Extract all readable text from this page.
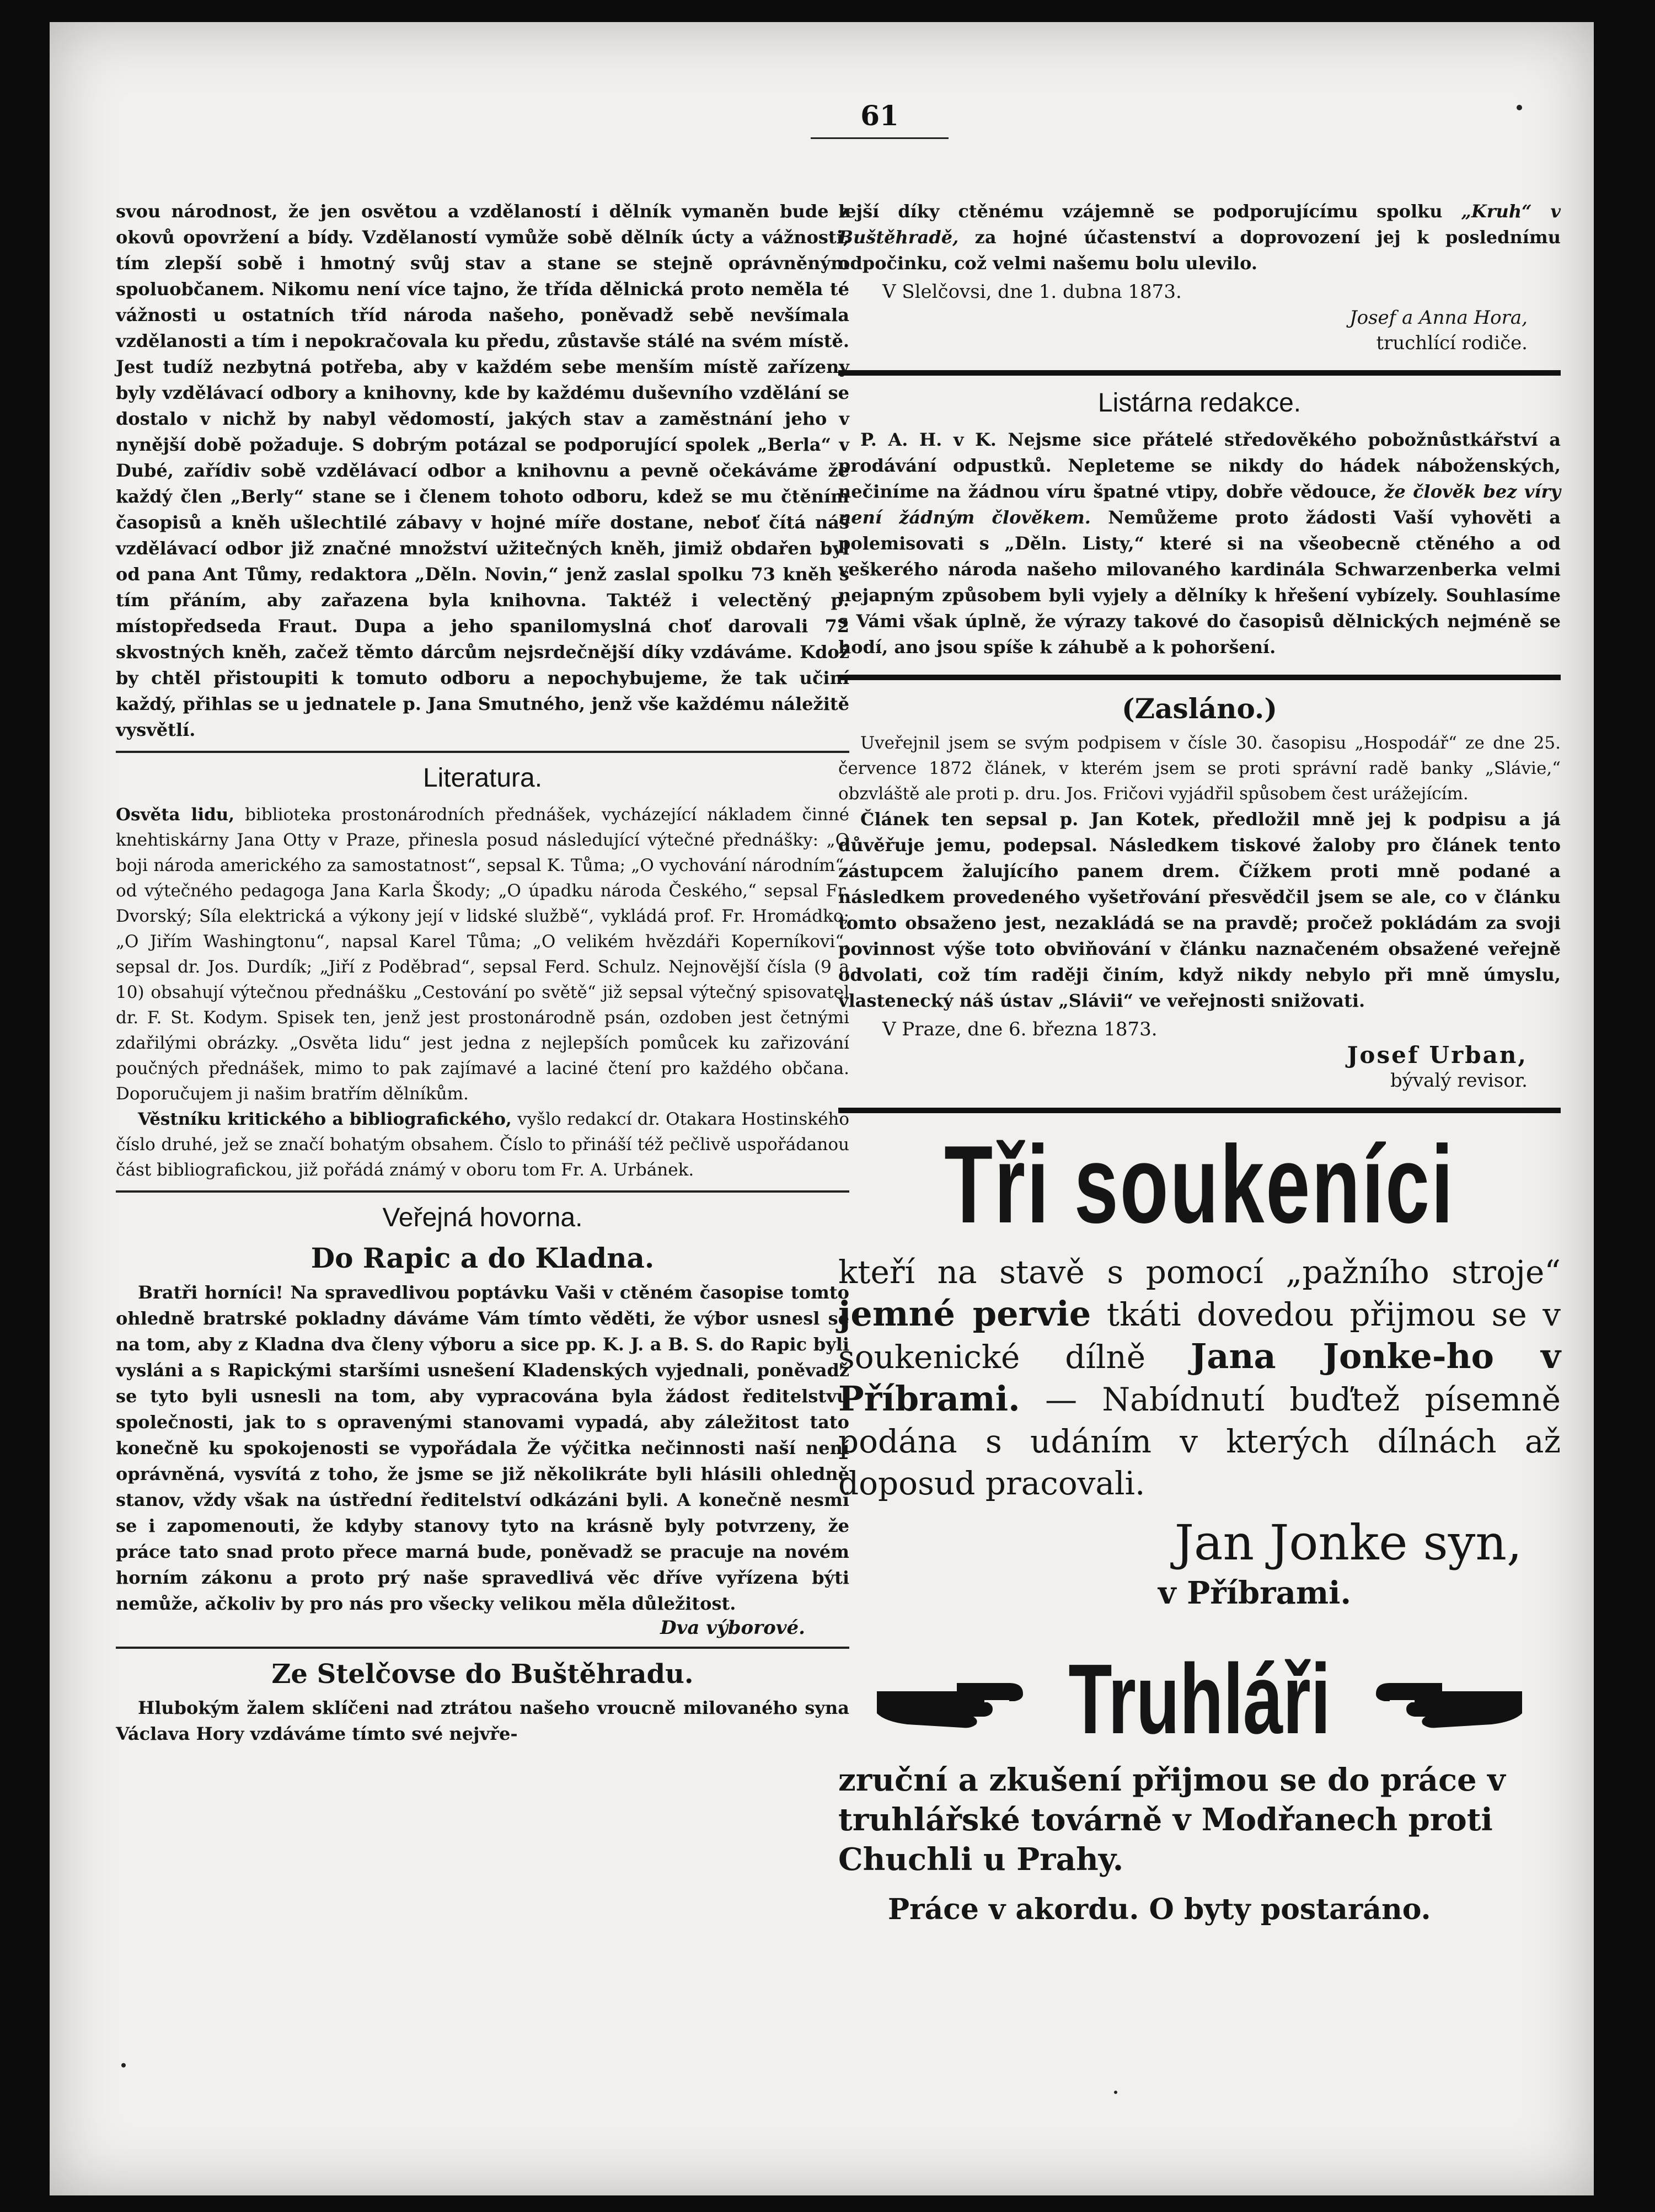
61

svou národnost, že jen osvětou a vzdělaností i dělník vymaněn bude z okovů opovržení a bídy. Vzdělaností vymůže sobě dělník úcty a vážnosti, tím zlepší sobě i hmotný svůj stav a stane se stejně oprávněným spoluobčanem. Nikomu není více tajno, že třída dělnická proto neměla té vážnosti u ostatních tříd národa našeho, poněvadž sebě nevšímala vzdělanosti a tím i nepokračovala ku předu, zůstavše stálé na svém místě. Jest tudíž nezbytná potřeba, aby v každém sebe menším místě zařízeny byly vzdělávací odbory a knihovny, kde by každému duševního vzdělání se dostalo v nichž by nabyl vědomostí, jakých stav a zaměstnání jeho v nynější době požaduje. S dobrým potázal se podporující spolek „Berla“ v Dubé, zařídiv sobě vzdělávací odbor a knihovnu a pevně očekáváme že každý člen „Berly“ stane se i členem tohoto odboru, kdež se mu čtěním časopisů a kněh ušlechtilé zábavy v hojné míře dostane, neboť čítá náš vzdělávací odbor již značné množství užitečných kněh, jimiž obdařen byl od pana Ant Tůmy, redaktora „Děln. Novin,“ jenž zaslal spolku 73 kněh s tím přáním, aby zařazena byla knihovna. Taktéž i velectěný p. místopředseda Fraut. Dupa a jeho spanilomyslná choť darovali 72 skvostných kněh, začež těmto dárcům nejsrdečnější díky vzdáváme. Kdož by chtěl přistoupiti k tomuto odboru a nepochybujeme, že tak učiní každý, přihlas se u jednatele p. Jana Smutného, jenž vše každému náležitě vysvětlí.

Literatura.

Osvěta lidu, biblioteka prostonárodních přednášek, vycházející nákladem činné knehtiskárny Jana Otty v Praze, přinesla posud následující výtečné přednášky: „O boji národa amerického za samostatnost“, sepsal K. Tůma; „O vychování národním“, od výtečného pedagoga Jana Karla Škody; „O úpadku národa Českého,“ sepsal Fr. Dvorský; Síla elektrická a výkony její v lidské službě“, vykládá prof. Fr. Hromádko; „O Jiřím Washingtonu“, napsal Karel Tůma; „O velikém hvězdáři Koperníkovi“, sepsal dr. Jos. Durdík; „Jiří z Poděbrad“, sepsal Ferd. Schulz. Nejnovější čísla (9 a 10) obsahují výtečnou přednášku „Cestování po světě“ již sepsal výtečný spisovatel dr. F. St. Kodym. Spisek ten, jenž jest prostonárodně psán, ozdoben jest četnými zdařilými obrázky. „Osvěta lidu“ jest jedna z nejlepších pomůcek ku zařizování poučných přednášek, mimo to pak zajímavé a laciné čtení pro každého občana. Doporučujem ji našim bratřím dělníkům.

Věstníku kritického a bibliografického, vyšlo redakcí dr. Otakara Hostinského číslo druhé, jež se značí bohatým obsahem. Číslo to přináší též pečlivě uspořádanou část bibliografickou, již pořádá známý v oboru tom Fr. A. Urbánek.

Veřejná hovorna.
Do Rapic a do Kladna.

Bratři horníci! Na spravedlivou poptávku Vaši v ctěném časopise tomto ohledně bratrské pokladny dáváme Vám tímto věděti, že výbor usnesl se na tom, aby z Kladna dva členy výboru a sice pp. K. J. a B. S. do Rapic byli vysláni a s Rapickými staršími usnešení Kladenských vyjednali, poněvadž se tyto byli usnesli na tom, aby vypracována byla žádost ředitelstvu společnosti, jak to s opravenými stanovami vypadá, aby záležitost tato konečně ku spokojenosti se vypořádala Že výčitka nečinnosti naší není oprávněná, vysvítá z toho, že jsme se již několikráte byli hlásili ohledně stanov, vždy však na ústřední ředitelství odkázáni byli. A konečně nesmí se i zapomenouti, že kdyby stanovy tyto na krásně byly potvrzeny, že práce tato snad proto přece marná bude, poněvadž se pracuje na novém horním zákonu a proto prý naše spravedlivá věc dříve vyřízena býti nemůže, ačkoliv by pro nás pro všecky velikou měla důležitost.

Dva výborové.
Ze Stelčovse do Buštěhradu.

Hlubokým žalem sklíčeni nad ztrátou našeho vroucně milovaného syna Václava Hory vzdáváme tímto své nejvře-

lejší díky ctěnému vzájemně se podporujícímu spolku „Kruh“ v Buštěhradě, za hojné účastenství a doprovození jej k poslednímu odpočinku, což velmi našemu bolu ulevilo.

V Slelčovsi, dne 1. dubna 1873.
Josef a Anna Hora,
truchlící rodiče.
Listárna redakce.

P. A. H. v K. Nejsme sice přátelé středověkého pobožnůstkářství a prodávání odpustků. Nepleteme se nikdy do hádek náboženských, nečiníme na žádnou víru špatné vtipy, dobře vědouce, že člověk bez víry není žádným člověkem. Nemůžeme proto žádosti Vaší vyhověti a polemisovati s „Děln. Listy,“ které si na všeobecně ctěného a od veškerého národa našeho milovaného kardinála Schwarzenberka velmi nejapným způsobem byli vyjely a dělníky k hřešení vybízely. Souhlasíme s Vámi však úplně, že výrazy takové do časopisů dělnických nejméně se hodí, ano jsou spíše k záhubě a k pohoršení.

(Zasláno.)

Uveřejnil jsem se svým podpisem v čísle 30. časopisu „Hospodář“ ze dne 25. července 1872 článek, v kterém jsem se proti správní radě banky „Slávie,“ obzvláště ale proti p. dru. Jos. Fričovi vyjádřil spůsobem čest urážejícím.

Článek ten sepsal p. Jan Kotek, předložil mně jej k podpisu a já důvěřuje jemu, podepsal. Následkem tiskové žaloby pro článek tento zástupcem žalujícího panem drem. Čížkem proti mně podané a následkem provedeného vyšetřování přesvědčil jsem se ale, co v článku tomto obsaženo jest, nezakládá se na pravdě; pročež pokládám za svoji povinnost výše toto obviňování v článku naznačeném obsažené veřejně odvolati, což tím raději činím, když nikdy nebylo při mně úmyslu, vlastenecký náš ústav „Slávii“ ve veřejnosti snižovati.

V Praze, dne 6. března 1873.
Josef Urban,
bývalý revisor.
Tři soukeníci

kteří na stavě s pomocí „pažního stroje“ jemné pervie tkáti dovedou přijmou se v soukenické dílně Jana Jonke-ho v Příbrami. — Nabídnutí buďtež písemně podána s udáním v kterých dílnách až doposud pracovali.

Jan Jonke syn,
v Příbrami.
Truhláři

zruční a zkušení přijmou se do práce v truhlářské továrně v Modřanech proti Chuchli u Prahy.

Práce v akordu. O byty postaráno.
